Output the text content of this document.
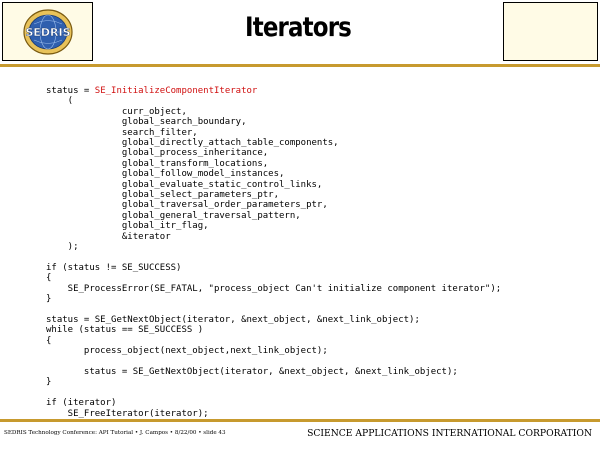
SEDRIS	Iterators
status = SE_InitializeComponentIterator
(
curr_object,
global_search_boundary,
search_filter,
global_directly_attach_table_components,
global_process_inheritance,
global_transform_locations,
global_follow_model_instances,
global_evaluate_static_control_links,
global_select_parameters_ptr,
global_traversal_order_parameters_ptr,
global_general_traversal_pattern,
global_itr_flag,
&iterator
);

if (status != SE_SUCCESS)
{
SE_ProcessError(SE_FATAL, "process_object Can't initialize component iterator");
}

status = SE_GetNextObject(iterator, &next_object, &next_link_object);
while (status == SE_SUCCESS )
{
process_object(next_object,next_link_object);

status = SE_GetNextObject(iterator, &next_object, &next_link_object);
}

if (iterator)
SE_FreeIterator(iterator);
SEDRIS Technology Conference: API Tutorial • J. Campos • 8/22/00 • slide 43	SCIENCE APPLICATIONS INTERNATIONAL CORPORATION
